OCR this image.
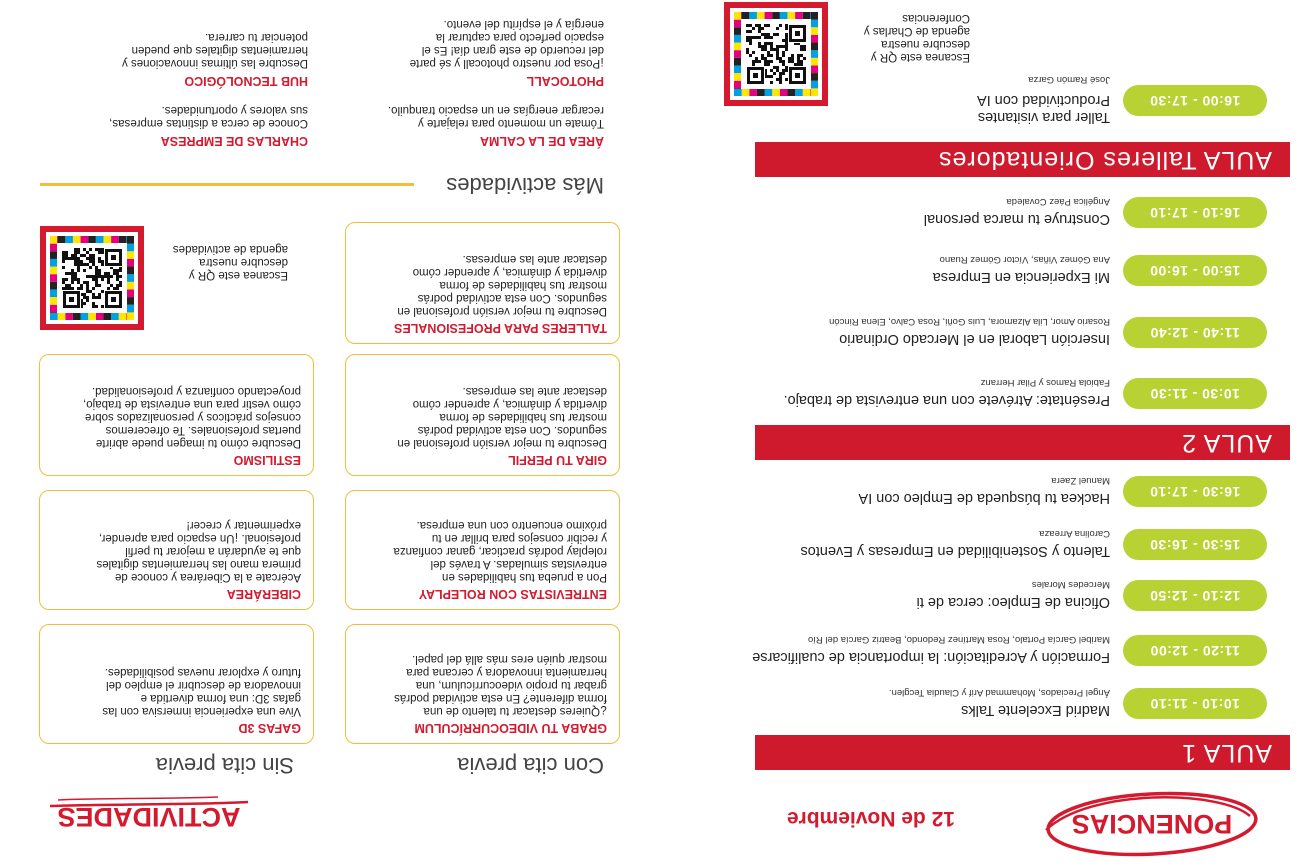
PONENCIAS
12 de Noviembre
AULA 1
10:10 - 11:10
Madrid Excelente Talks
Ángel Preciados, Mohammad Arif y Claudia Tecglen.
11:20 - 12:00
Formación y Acreditación: la importancia de cualificarse
Maribel García Portalo, Rosa Martínez Redondo, Beatriz García del Río
12:10 - 12:50
Oficina de Empleo: cerca de ti
Mercedes Morales
15:30 - 16:30
Talento y Sostenibilidad en Empresas y Eventos
Carolina Arreaza
16:30 - 17:10
Hackea tu búsqueda de Empleo con IA
Manuel Zaera
AULA 2
10:30 - 11:30
Preséntate: Atrévete con una entrevista de trabajo.
Fabiola Ramos y Pilar Herranz
11:40 - 12:40
Inserción Laboral en el Mercado Ordinario
Rosario Amor, Lila Alzamora, Luis Goñi, Rosa Calvo, Elena Rincón
15:00 - 16:00
Mi Experiencia en Empresa
Ana Gómez Viñas, Víctor Gómez Ruano
16:10 - 17:10
Construye tu marca personal
Angélica Páez Covaleda
AULA Talleres Orientadores
16:00 - 17:30
Taller para visitantes
Productividad con IA
José Ramón Garza
Escanea este QR y
descubre nuestra
agenda de Charlas y
Conferencias
ACTIVIDADES
Con cita previa
Sin cita previa
GRABA TU VIDEOCURRÍCULUM

¿Quieres destacar tu talento de una

forma diferente? En esta actividad podrás

grabar tu propio videocurrículum, una

herramienta innovadora y cercana para

mostrar quién eres más allá del papel.

ENTREVISTAS CON ROLEPLAY

Pon a prueba tus habilidades en

entrevistas simuladas. A través del

roleplay podrás practicar, ganar confianza

y recibir consejos para brillar en tu

próximo encuentro con una empresa.

GIRA TU PERFIL

Descubre tu mejor versión profesional en

segundos. Con esta actividad podrás

mostrar tus habilidades de forma

divertida y dinámica, y aprender cómo

destacar ante las empresas.

TALLERES PARA PROFESIONALES

Descubre tu mejor versión profesional en

segundos. Con esta actividad podrás

mostrar tus habilidades de forma

divertida y dinámica, y aprender cómo

destacar ante las empresas.

GAFAS 3D

Vive una experiencia inmersiva con las

gafas 3D: una forma divertida e

innovadora de descubrir el empleo del

futuro y explorar nuevas posibilidades.

CIBERÁREA

Acércate a la Ciberárea y conoce de

primera mano las herramientas digitales

que te ayudarán a mejorar tu perfil

profesional. ¡Un espacio para aprender,

experimentar y crecer!

ESTILISMO

Descubre cómo tu imagen puede abrirte

puertas profesionales. Te ofreceremos

consejos prácticos y personalizados sobre

cómo vestir para una entrevista de trabajo,

proyectando confianza y profesionalidad.

Escanea este QR y
descubre nuestra
agenda de actividades
Más actividades
ÁREA DE LA CALMA

Tómate un momento para relajarte y

recargar energías en un espacio tranquilo.

PHOTOCALL

¡Posa por nuestro photocall y sé parte

del recuerdo de este gran día! Es el

espacio perfecto para capturar la

energía y el espíritu del evento.

CHARLAS DE EMPRESA

Conoce de cerca a distintas empresas,

sus valores y oportunidades.

HUB TECNOLÓGICO

Descubre las últimas innovaciones y

herramientas digitales que pueden

potenciar tu carrera.
